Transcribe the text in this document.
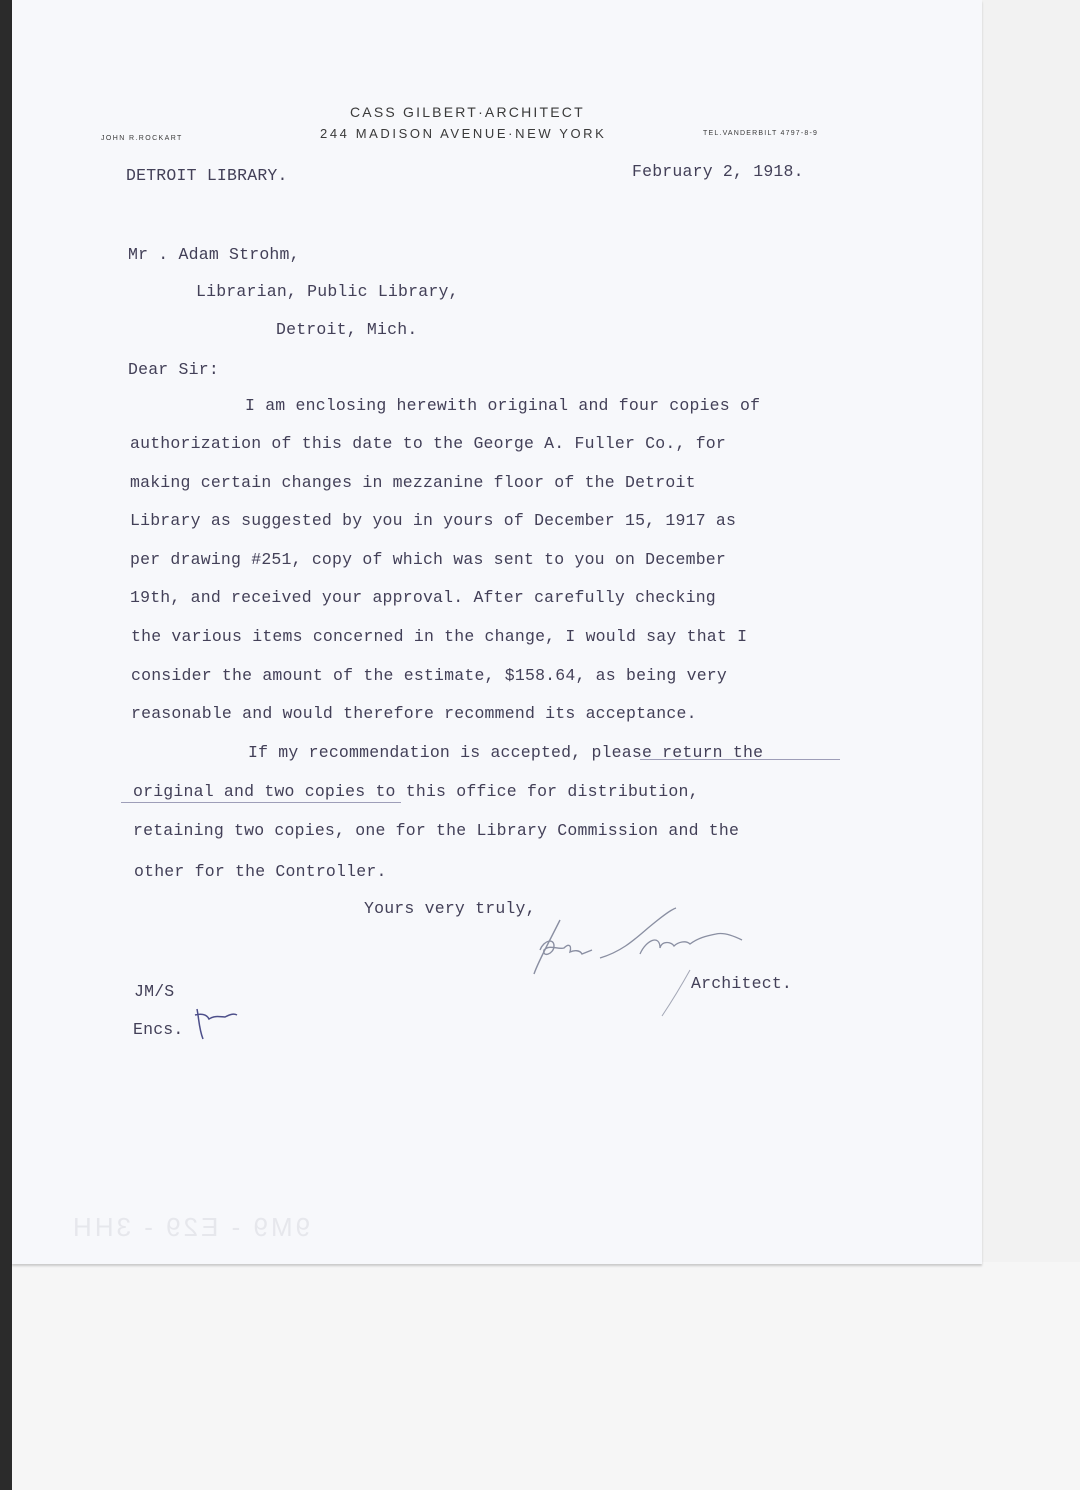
CASS GILBERT·ARCHITECT
244 MADISON AVENUE·NEW YORK
JOHN R.ROCKART
TEL.VANDERBILT 4797-8-9
DETROIT LIBRARY.	February 2, 1918.
Mr . Adam Strohm,
Librarian, Public Library,
Detroit, Mich.
Dear Sir:
I am enclosing herewith original and four copies of
authorization of this date to the George A. Fuller Co., for
making certain changes in mezzanine floor of the Detroit
Library as suggested by you in yours of December 15, 1917 as
per drawing #251, copy of which was sent to you on December
19th, and received your approval. After carefully checking
the various items concerned in the change, I would say that I
consider the amount of the estimate, $158.64, as being very
reasonable and would therefore recommend its acceptance.
If my recommendation is accepted, please return the
original and two copies to this office for distribution,
retaining two copies, one for the Library Commission and the
other for the Controller.
Yours very truly,
Architect.
JM/S
Encs.
9M9 - E29 - 3HH
